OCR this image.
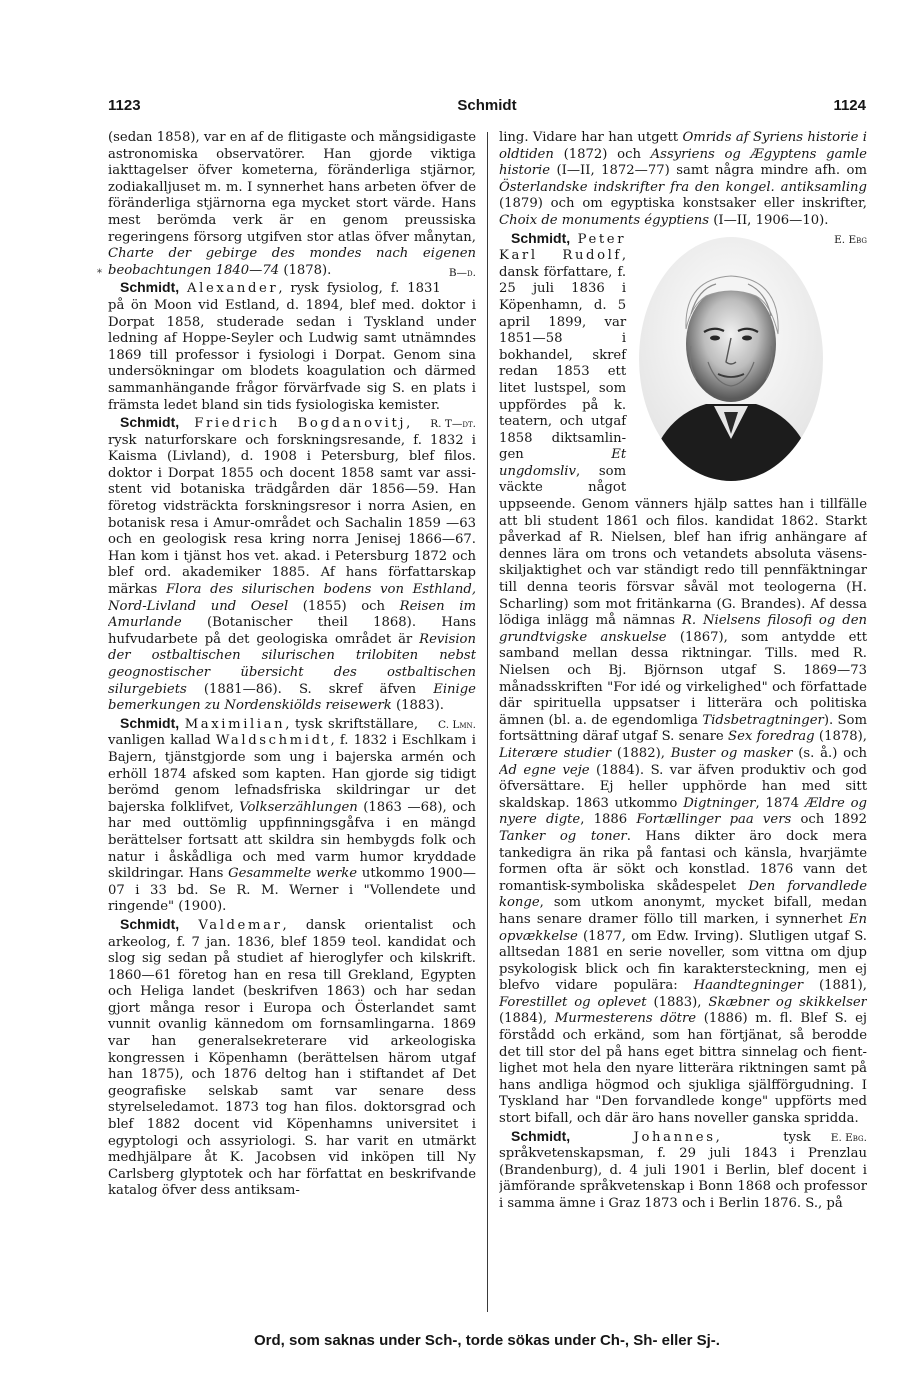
1123	Schmidt	1124
*

(sedan 1858), var en af de flitigaste och mångsidigaste astronomiska observatörer. Han gjorde viktiga iakttagelser öfver kometerna, föränderliga stjärnor, zodiakalljuset m. m. I synnerhet hans arbeten öfver de föränderliga stjärnorna ega mycket stort värde. Hans mest berömda verk är en genom preussiska regeringens försorg utgifven stor atlas öfver månytan, Charte der gebirge des mondes nach eigenen beobachtungen 1840—74 (1878).	B—d.

Schmidt, Alexander, rysk fysiolog, f. 1831 på ön Moon vid Estland, d. 1894, blef med. doktor i Dorpat 1858, studerade sedan i Tyskland under ledning af Hoppe-Seyler och Ludwig samt utnämndes 1869 till professor i fysiologi i Dorpat. Genom sina undersökningar om blodets koagulation och därmed sammanhängande frågor förvärfvade sig S. en plats i främsta ledet bland sin tids fysiologiska kemister.
R. T—dt.

Schmidt, Friedrich Bogdanovitj, rysk naturforskare och forskningsresande, f. 1832 i Kaisma (Livland), d. 1908 i Petersburg, blef filos. doktor i Dorpat 1855 och docent 1858 samt var assistent vid botaniska trädgården där 1856—59. Han företog vidsträckta forskningsresor i norra Asien, en botanisk resa i Amur-området och Sachalin 1859 —63 och en geologisk resa kring norra Jenisej 1866—67. Han kom i tjänst hos vet. akad. i Petersburg 1872 och blef ord. akademiker 1885. Af hans författarskap märkas Flora des silurischen bodens von Esthland, Nord-Livland und Oesel (1855) och Reisen im Amurlande (Botanischer theil 1868). Hans hufvudarbete på det geologiska området är Revision der ostbaltischen silurischen trilobiten nebst geognostischer übersicht des ostbaltischen silurgebiets (1881—86). S. skref äfven Einige bemerkungen zu Nordenskiölds reisewerk (1883).
C. Lmn.

Schmidt, Maximilian, tysk skriftställare, vanligen kallad Waldschmidt, f. 1832 i Eschlkam i Bajern, tjänstgjorde som ung i bajerska armén och erhöll 1874 afsked som kapten. Han gjorde sig tidigt berömd genom lefnadsfriska skildringar ur det bajerska folklifvet, Volkserzählungen (1863 —68), och har med outtömlig uppfinningsgåfva i en mängd berättelser fortsatt att skildra sin hembygds folk och natur i åskådliga och med varm humor kryddade skildringar. Hans Gesammelte werke utkommo 1900—07 i 33 bd. Se R. M. Werner i "Vollendete und ringende" (1900).

Schmidt, Valdemar, dansk orientalist och arkeolog, f. 7 jan. 1836, blef 1859 teol. kandidat och slog sig sedan på studiet af hieroglyfer och kilskrift. 1860—61 företog han en resa till Grekland, Egypten och Heliga landet (beskrifven 1863) och har sedan gjort många resor i Europa och Österlandet samt vunnit ovanlig kännedom om fornsamlingarna. 1869 var han generalsekreterare vid arkeologiska kongressen i Köpenhamn (berättelsen härom utgaf han 1875), och 1876 deltog han i stiftandet af Det geografiske selskab samt var senare dess styrelseledamot. 1873 tog han filos. doktorsgrad och blef 1882 docent vid Köpenhamns universitet i egyptologi och assyriologi. S. har varit en utmärkt medhjälpare åt K. Jacobsen vid inköpen till Ny Carlsberg glyptotek och har författat en beskrifvande katalog öfver dess antiksam-

ling. Vidare har han utgett Omrids af Syriens historie i oldtiden (1872) och Assyriens og Ægyptens gamle historie (I—II, 1872—77) samt några mindre afh. om Österlandske indskrifter fra den kongel. antiksamling (1879) och om egyptiska konstsaker eller inskrifter, Choix de monuments égyptiens (I—II, 1906—10).
E. Ebg

Schmidt, Peter Karl Rudolf, dansk författare, f. 25 juli 1836 i Köpenhamn, d. 5 april 1899, var 1851—58 i bokhandel, skref redan 1853 ett litet lustspel, som uppfördes på k. teatern, och utgaf 1858 diktsamlingen Et ungdomsliv, som väckte något uppseende. Genom vänners hjälp sattes han i tillfälle att bli student 1861 och filos. kandidat 1862. Starkt påverkad af R. Nielsen, blef han ifrig anhängare af dennes lära om trons och vetandets absoluta väsensskiljaktighet och var ständigt redo till pennfäktningar till denna teoris försvar såväl mot teologerna (H. Scharling) som mot fritänkarna (G. Brandes). Af dessa lödiga inlägg må nämnas R. Nielsens filosofi og den grundtvigske anskuelse (1867), som antydde ett samband mellan dessa riktningar. Tills. med R. Nielsen och Bj. Björnson utgaf S. 1869—73 månadsskriften "For idé og virkelighed" och författade där spirituella uppsatser i litterära och politiska ämnen (bl. a. de egendomliga Tidsbetragtninger). Som fortsättning däraf utgaf S. senare Sex foredrag (1878), Literære studier (1882), Buster og masker (s. å.) och Ad egne veje (1884). S. var äfven produktiv och god öfversättare. Ej heller upphörde han med sitt skaldskap. 1863 utkommo Digtninger, 1874 Ældre og nyere digte, 1886 Fortællinger paa vers och 1892 Tanker og toner. Hans dikter äro dock mera tankedigra än rika på fantasi och känsla, hvarjämte formen ofta är sökt och konstlad. 1876 vann det romantisk-symboliska skådespelet Den forvandlede konge, som utkom anonymt, mycket bifall, medan hans senare dramer föllo till marken, i synnerhet En opvækkelse (1877, om Edw. Irving). Slutligen utgaf S. alltsedan 1881 en serie noveller, som vittna om djup psykologisk blick och fin karaktersteckning, men ej blefvo vidare populära: Haandtegninger (1881), Forestillet og oplevet (1883), Skæbner og skikkelser (1884), Murmesterens dötre (1886) m. fl. Blef S. ej förstådd och erkänd, som han förtjänat, så berodde det till stor del på hans eget bittra sinnelag och fientlighet mot hela den nyare litterära riktningen samt på hans andliga högmod och sjukliga själfförgudning. I Tyskland har "Den forvandlede konge" uppförts med stort bifall, och där äro hans noveller ganska spridda.
E. Ebg.

Schmidt,	Johannes, tysk språkvetenskapsman, f. 29 juli 1843 i Prenzlau (Brandenburg), d. 4 juli 1901 i Berlin, blef docent i jämförande språkvetenskap i Bonn 1868 och professor i samma ämne i Graz 1873 och i Berlin 1876. S., på

Ord, som saknas under Sch-, torde sökas under Ch-, Sh- eller Sj-.
